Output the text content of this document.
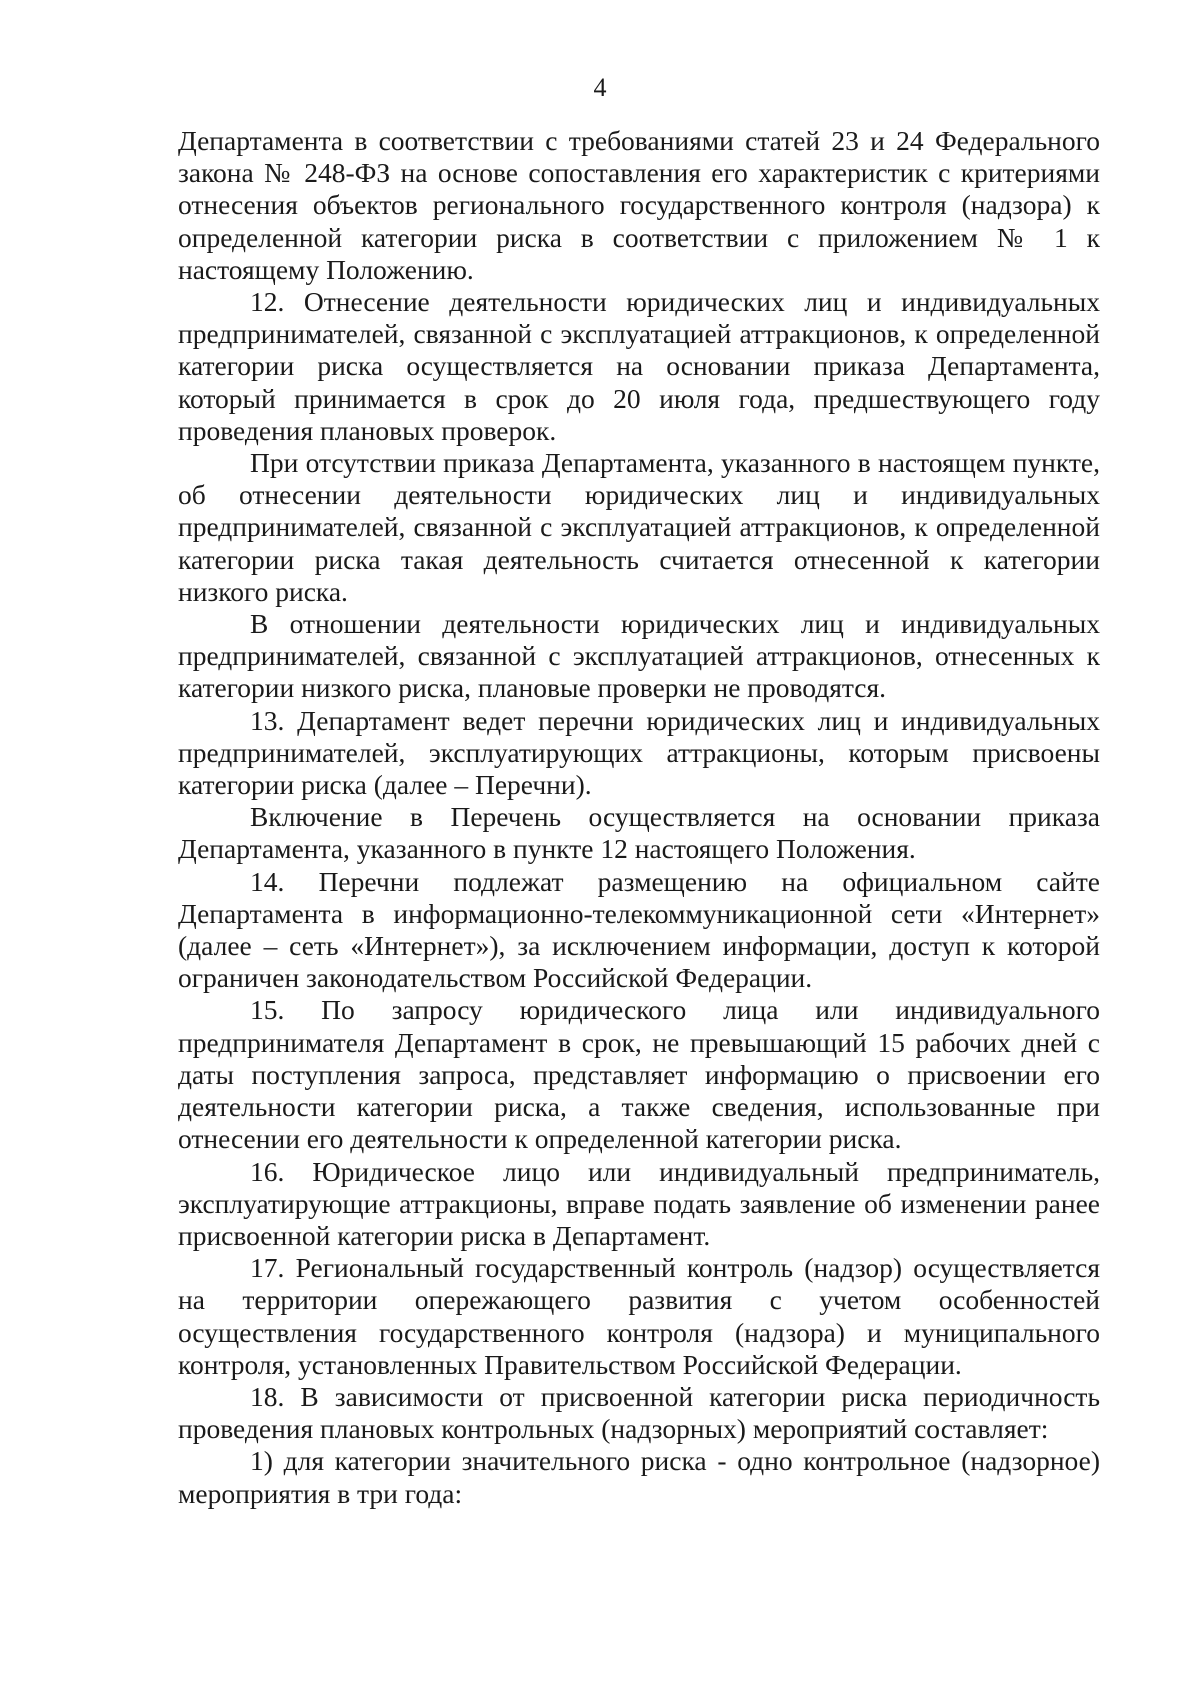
4

Департамента в соответствии с требованиями статей 23 и 24 Федерального закона № 248-ФЗ на основе сопоставления его характеристик с критериями отнесения объектов регионального государственного контроля (надзора) к определенной категории риска в соответствии с приложением № 1 к настоящему Положению.

12. Отнесение деятельности юридических лиц и индивидуальных предпринимателей, связанной с эксплуатацией аттракционов, к определенной категории риска осуществляется на основании приказа Департамента, который принимается в срок до 20 июля года, предшествующего году проведения плановых проверок.

При отсутствии приказа Департамента, указанного в настоящем пункте, об отнесении деятельности юридических лиц и индивидуальных предпринимателей, связанной с эксплуатацией аттракционов, к определенной категории риска такая деятельность считается отнесенной к категории низкого риска.

В отношении деятельности юридических лиц и индивидуальных предпринимателей, связанной с эксплуатацией аттракционов, отнесенных к категории низкого риска, плановые проверки не проводятся.

13. Департамент ведет перечни юридических лиц и индивидуальных предпринимателей, эксплуатирующих аттракционы, которым присвоены категории риска (далее – Перечни).

Включение в Перечень осуществляется на основании приказа Департамента, указанного в пункте 12 настоящего Положения.

14. Перечни подлежат размещению на официальном сайте Департамента в информационно-телекоммуникационной сети «Интернет» (далее – сеть «Интернет»), за исключением информации, доступ к которой ограничен законодательством Российской Федерации.

15. По запросу юридического лица или индивидуального предпринимателя Департамент в срок, не превышающий 15 рабочих дней с даты поступления запроса, представляет информацию о присвоении его деятельности категории риска, а также сведения, использованные при отнесении его деятельности к определенной категории риска.

16. Юридическое лицо или индивидуальный предприниматель, эксплуатирующие аттракционы, вправе подать заявление об изменении ранее присвоенной категории риска в Департамент.

17. Региональный государственный контроль (надзор) осуществляется на территории опережающего развития с учетом особенностей осуществления государственного контроля (надзора) и муниципального контроля, установленных Правительством Российской Федерации.

18. В зависимости от присвоенной категории риска периодичность проведения плановых контрольных (надзорных) мероприятий составляет:

1) для категории значительного риска - одно контрольное (надзорное) мероприятия в три года:
